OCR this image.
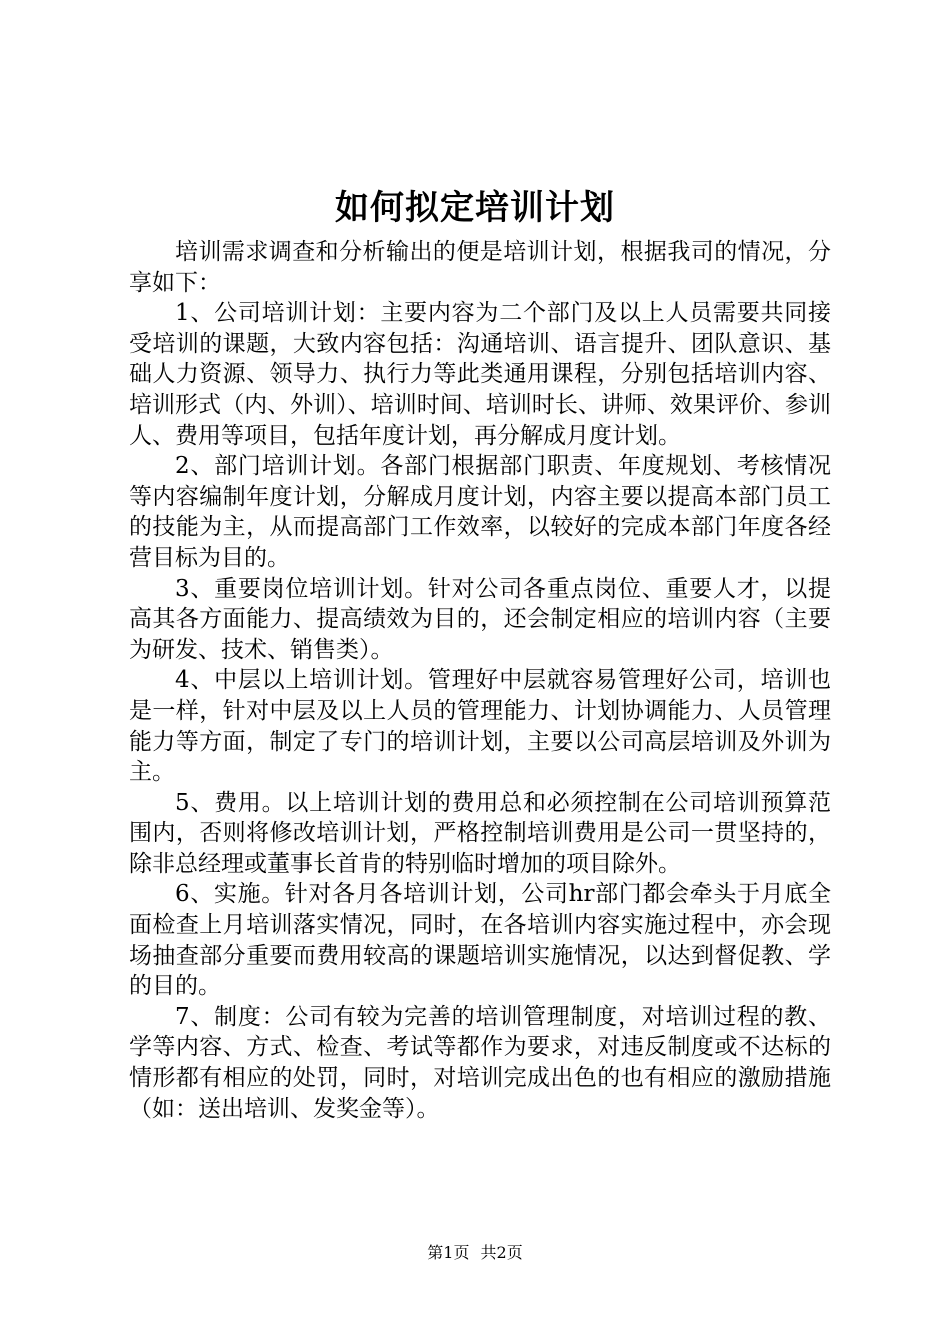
如何拟定培训计划

培训需求调查和分析输出的便是培训计划，根据我司的情况，分享如下：

1、公司培训计划：主要内容为二个部门及以上人员需要共同接受培训的课题，大致内容包括：沟通培训、语言提升、团队意识、基础人力资源、领导力、执行力等此类通用课程，分别包括培训内容、培训形式（内、外训）、培训时间、培训时长、讲师、效果评价、参训人、费用等项目，包括年度计划，再分解成月度计划。

2、部门培训计划。各部门根据部门职责、年度规划、考核情况等内容编制年度计划，分解成月度计划，内容主要以提高本部门员工的技能为主，从而提高部门工作效率，以较好的完成本部门年度各经营目标为目的。

3、重要岗位培训计划。针对公司各重点岗位、重要人才，以提高其各方面能力、提高绩效为目的，还会制定相应的培训内容（主要为研发、技术、销售类）。

4、中层以上培训计划。管理好中层就容易管理好公司，培训也是一样，针对中层及以上人员的管理能力、计划协调能力、人员管理能力等方面，制定了专门的培训计划，主要以公司高层培训及外训为主。

5、费用。以上培训计划的费用总和必须控制在公司培训预算范围内，否则将修改培训计划，严格控制培训费用是公司一贯坚持的，除非总经理或董事长首肯的特别临时增加的项目除外。

6、实施。针对各月各培训计划，公司hr部门都会牵头于月底全面检查上月培训落实情况，同时，在各培训内容实施过程中，亦会现场抽查部分重要而费用较高的课题培训实施情况，以达到督促教、学的目的。

7、制度：公司有较为完善的培训管理制度，对培训过程的教、学等内容、方式、检查、考试等都作为要求，对违反制度或不达标的情形都有相应的处罚，同时，对培训完成出色的也有相应的激励措施（如：送出培训、发奖金等）。

第1页 共2页
